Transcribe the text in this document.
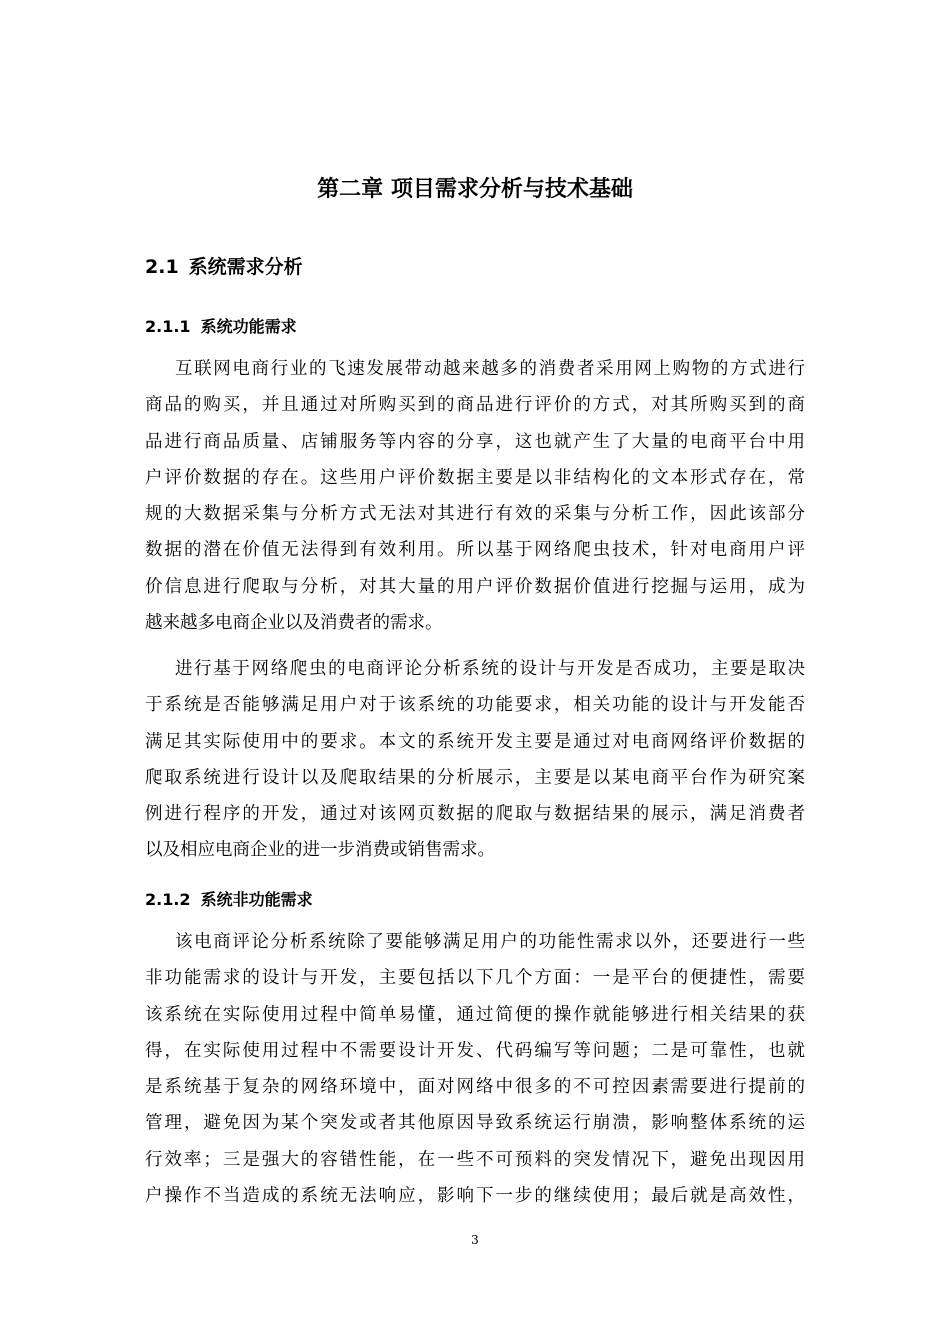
第二章 项目需求分析与技术基础
2.1 系统需求分析
2.1.1 系统功能需求
互联网电商行业的飞速发展带动越来越多的消费者采用网上购物的方式进行
商品的购买，并且通过对所购买到的商品进行评价的方式，对其所购买到的商
品进行商品质量、店铺服务等内容的分享，这也就产生了大量的电商平台中用
户评价数据的存在。这些用户评价数据主要是以非结构化的文本形式存在，常
规的大数据采集与分析方式无法对其进行有效的采集与分析工作，因此该部分
数据的潜在价值无法得到有效利用。所以基于网络爬虫技术，针对电商用户评
价信息进行爬取与分析，对其大量的用户评价数据价值进行挖掘与运用，成为
越来越多电商企业以及消费者的需求。
进行基于网络爬虫的电商评论分析系统的设计与开发是否成功，主要是取决
于系统是否能够满足用户对于该系统的功能要求，相关功能的设计与开发能否
满足其实际使用中的要求。本文的系统开发主要是通过对电商网络评价数据的
爬取系统进行设计以及爬取结果的分析展示，主要是以某电商平台作为研究案
例进行程序的开发，通过对该网页数据的爬取与数据结果的展示，满足消费者
以及相应电商企业的进一步消费或销售需求。
2.1.2 系统非功能需求
该电商评论分析系统除了要能够满足用户的功能性需求以外，还要进行一些
非功能需求的设计与开发，主要包括以下几个方面：一是平台的便捷性，需要
该系统在实际使用过程中简单易懂，通过简便的操作就能够进行相关结果的获
得，在实际使用过程中不需要设计开发、代码编写等问题；二是可靠性，也就
是系统基于复杂的网络环境中，面对网络中很多的不可控因素需要进行提前的
管理，避免因为某个突发或者其他原因导致系统运行崩溃，影响整体系统的运
行效率；三是强大的容错性能，在一些不可预料的突发情况下，避免出现因用
户操作不当造成的系统无法响应，影响下一步的继续使用；最后就是高效性，
3
